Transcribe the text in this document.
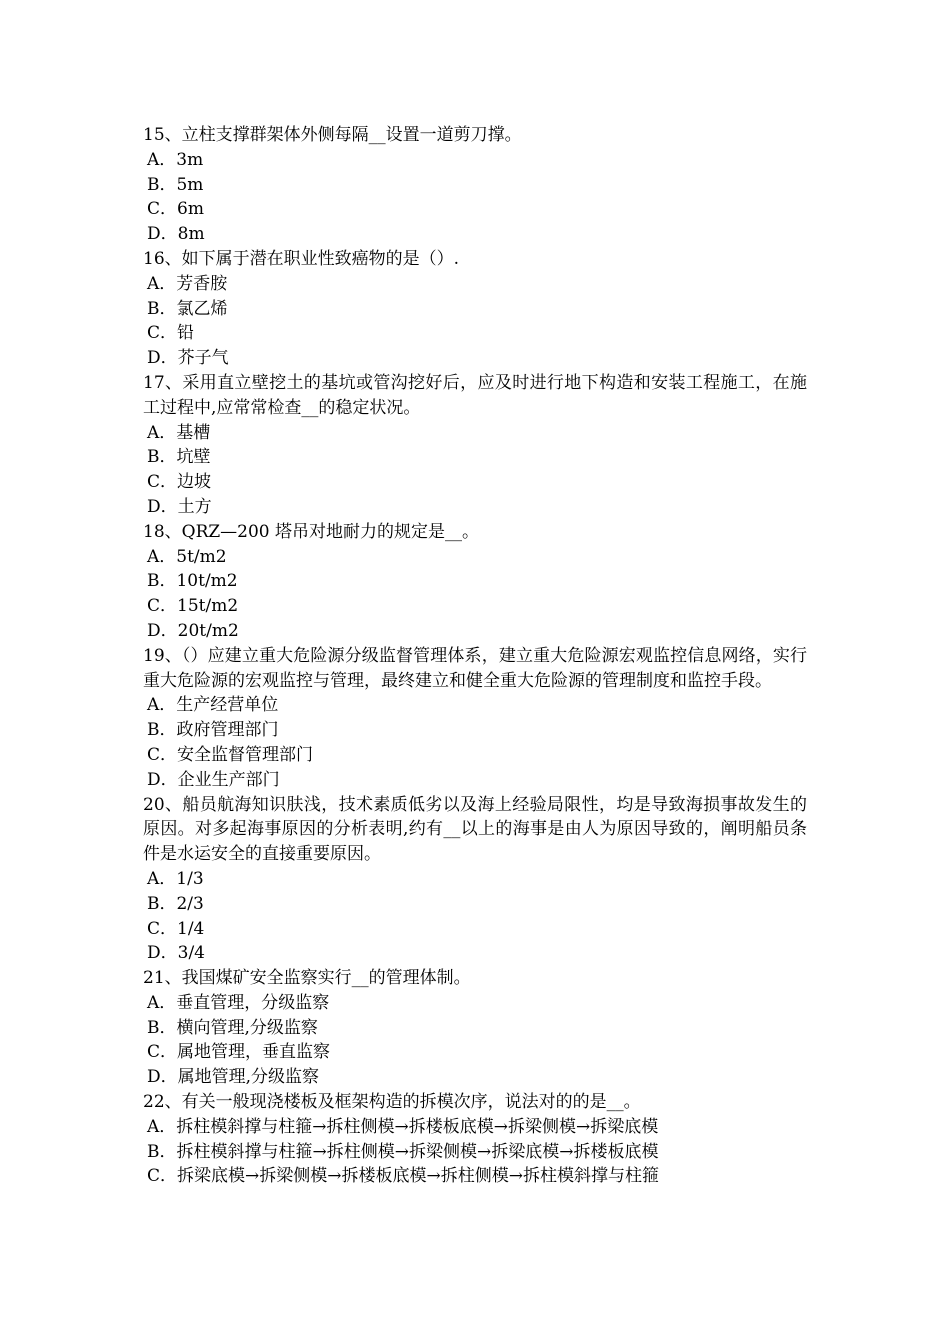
15、立柱支撑群架体外侧每隔__设置一道剪刀撑。

A．3m

B．5m

C．6m

D．8m

16、如下属于潜在职业性致癌物的是（）.

A．芳香胺

B．氯乙烯

C．铅

D．芥子气

17、采用直立壁挖土的基坑或管沟挖好后，应及时进行地下构造和安装工程施工，在施工过程中,应常常检查__的稳定状况。

A．基槽

B．坑壁

C．边坡

D．土方

18、QRZ—200 塔吊对地耐力的规定是__。

A．5t/m2

B．10t/m2

C．15t/m2

D．20t/m2

19、（）应建立重大危险源分级监督管理体系，建立重大危险源宏观监控信息网络，实行重大危险源的宏观监控与管理，最终建立和健全重大危险源的管理制度和监控手段。

A．生产经营单位

B．政府管理部门

C．安全监督管理部门

D．企业生产部门

20、船员航海知识肤浅，技术素质低劣以及海上经验局限性，均是导致海损事故发生的原因。对多起海事原因的分析表明,约有__以上的海事是由人为原因导致的，阐明船员条件是水运安全的直接重要原因。

A．1/3

B．2/3

C．1/4

D．3/4

21、我国煤矿安全监察实行__的管理体制。

A．垂直管理，分级监察

B．横向管理,分级监察

C．属地管理，垂直监察

D．属地管理,分级监察

22、有关一般现浇楼板及框架构造的拆模次序，说法对的的是__。

A．拆柱模斜撑与柱箍→拆柱侧模→拆楼板底模→拆梁侧模→拆梁底模

B．拆柱模斜撑与柱箍→拆柱侧模→拆梁侧模→拆梁底模→拆楼板底模

C．拆梁底模→拆梁侧模→拆楼板底模→拆柱侧模→拆柱模斜撑与柱箍
